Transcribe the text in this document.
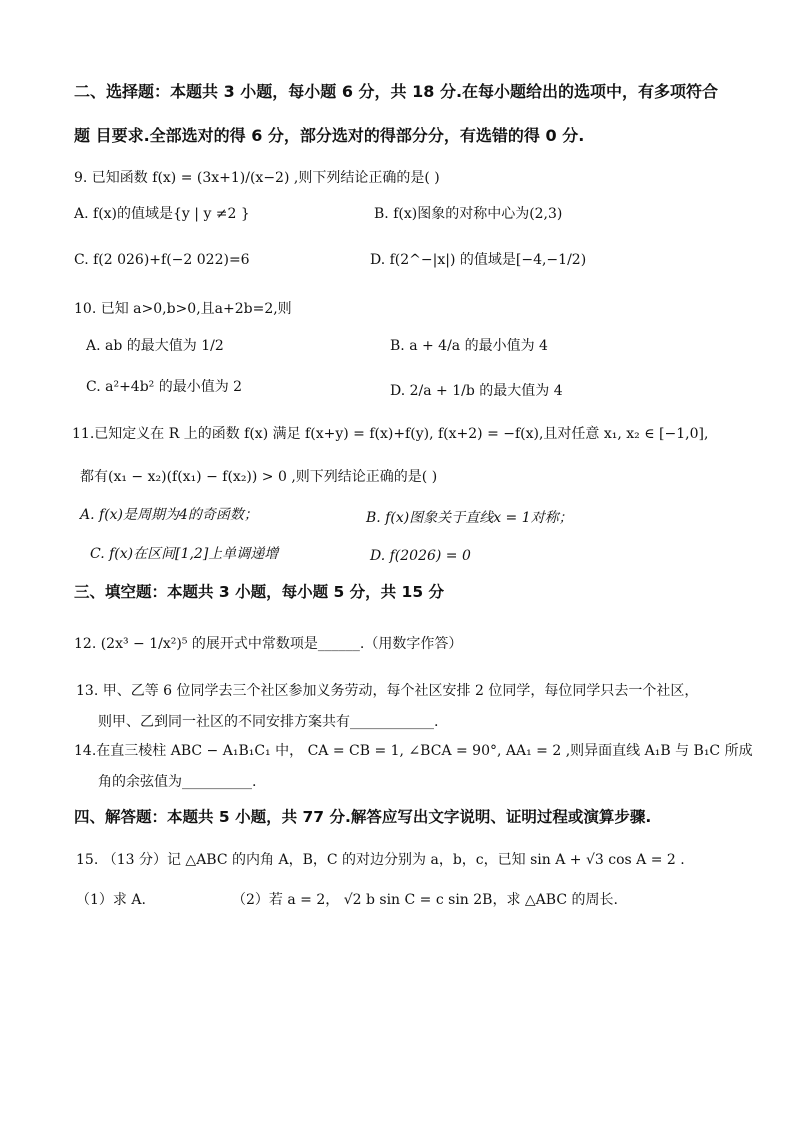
二、选择题：本题共 3 小题，每小题 6 分，共 18 分.在每小题给出的选项中，有多项符合
题 目要求.全部选对的得 6 分，部分选对的得部分分，有选错的得 0 分.
9. 已知函数 f(x) = (3x+1)/(x−2) ,则下列结论正确的是( )
A. f(x)的值域是{y | y ≠2 }	B. f(x)图象的对称中心为(2,3)
C. f(2 026)+f(−2 022)=6	D. f(2^−|x|) 的值域是[−4,−1/2)
10. 已知 a>0,b>0,且a+2b=2,则
A. ab 的最大值为 1/2	B. a + 4/a 的最小值为 4
C. a²+4b² 的最小值为 2	D. 2/a + 1/b 的最大值为 4
11.已知定义在 R 上的函数 f(x) 满足 f(x+y) = f(x)+f(y), f(x+2) = −f(x),且对任意 x₁, x₂ ∈ [−1,0],
都有(x₁ − x₂)(f(x₁) − f(x₂)) > 0 ,则下列结论正确的是( )
A. f(x)是周期为4的奇函数；	B. f(x)图象关于直线x = 1对称；
C. f(x)在区间[1,2]上单调递增	D. f(2026) = 0
三、填空题：本题共 3 小题，每小题 5 分，共 15 分
12. (2x³ − 1/x²)⁵ 的展开式中常数项是______.（用数字作答）
13. 甲、乙等 6 位同学去三个社区参加义务劳动，每个社区安排 2 位同学，每位同学只去一个社区，
则甲、乙到同一社区的不同安排方案共有____________.
14.在直三棱柱 ABC − A₁B₁C₁ 中， CA = CB = 1, ∠BCA = 90°, AA₁ = 2 ,则异面直线 A₁B 与 B₁C 所成
角的余弦值为__________.
四、解答题：本题共 5 小题，共 77 分.解答应写出文字说明、证明过程或演算步骤.
15. （13 分）记 △ABC 的内角 A，B，C 的对边分别为 a，b，c，已知 sin A + √3 cos A = 2 .
（1）求 A.	（2）若 a = 2， √2 b sin C = c sin 2B，求 △ABC 的周长.
